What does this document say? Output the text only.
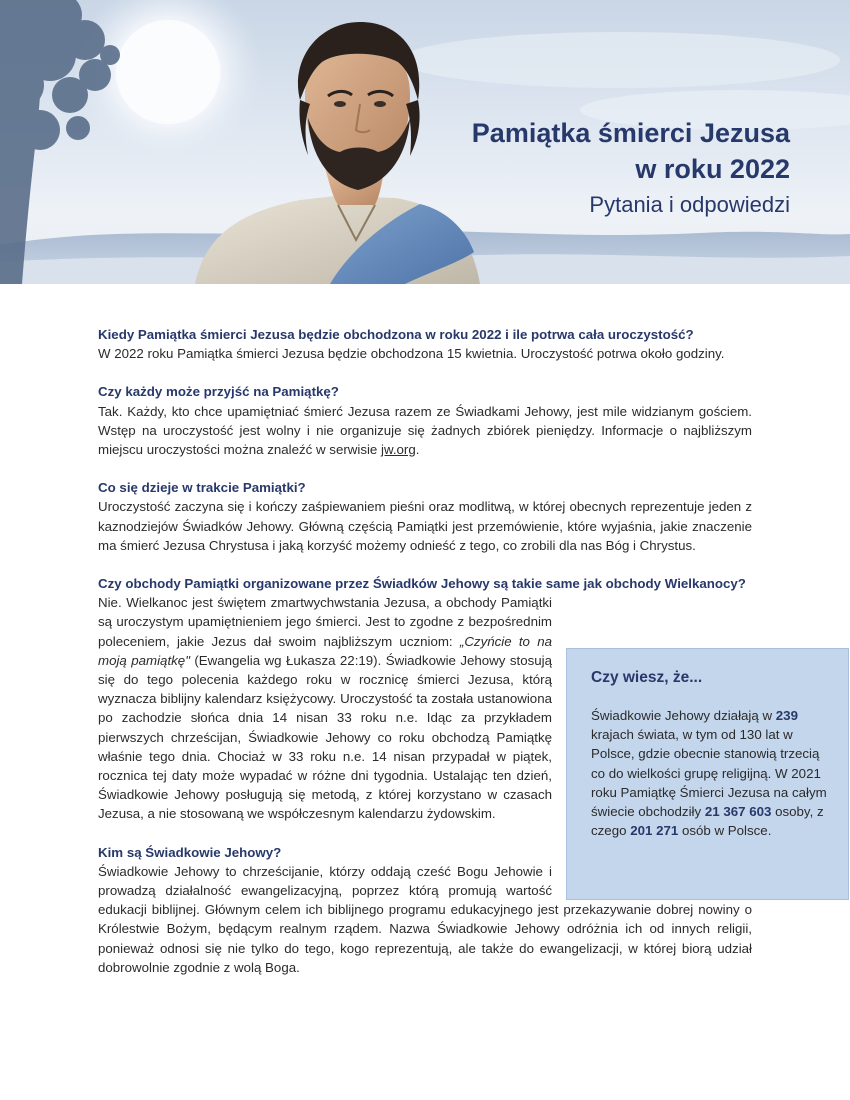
Pamiątka śmierci Jezusa
w roku 2022
Pytania i odpowiedzi

Kiedy Pamiątka śmierci Jezusa będzie obchodzona w roku 2022 i ile potrwa cała uroczystość?

W 2022 roku Pamiątka śmierci Jezusa będzie obchodzona 15 kwietnia. Uroczystość potrwa około godziny.

Czy każdy może przyjść na Pamiątkę?

Tak. Każdy, kto chce upamiętniać śmierć Jezusa razem ze Świadkami Jehowy, jest mile widzianym gościem. Wstęp na uroczystość jest wolny i nie organizuje się żadnych zbiórek pieniędzy. Informacje o najbliższym miejscu uroczystości można znaleźć w serwisie jw.org.

Co się dzieje w trakcie Pamiątki?

Uroczystość zaczyna się i kończy zaśpiewaniem pieśni oraz modlitwą, w której obecnych reprezentuje jeden z kaznodziejów Świadków Jehowy. Główną częścią Pamiątki jest przemówienie, które wyjaśnia, jakie znaczenie ma śmierć Jezusa Chrystusa i jaką korzyść możemy odnieść z tego, co zrobili dla nas Bóg i Chrystus.

Czy obchody Pamiątki organizowane przez Świadków Jehowy są takie same jak obchody Wielkanocy?

Nie. Wielkanoc jest świętem zmartwychwstania Jezusa, a obchody Pamiątki są uroczystym upamiętnieniem jego śmierci. Jest to zgodne z bezpośrednim poleceniem, jakie Jezus dał swoim najbliższym uczniom: „Czyńcie to na moją pamiątkę" (Ewangelia wg Łukasza 22:19). Świadkowie Jehowy stosują się do tego polecenia każdego roku w rocznicę śmierci Jezusa, którą wyznacza biblijny kalendarz księżycowy. Uroczystość ta została ustanowiona po zachodzie słońca dnia 14 nisan 33 roku n.e. Idąc za przykładem pierwszych chrześcijan, Świadkowie Jehowy co roku obchodzą Pamiątkę właśnie tego dnia. Chociaż w 33 roku n.e. 14 nisan przypadał w piątek, rocznica tej daty może wypadać w różne dni tygodnia. Ustalając ten dzień, Świadkowie Jehowy posługują się metodą, z której korzystano w czasach Jezusa, a nie stosowaną we współczesnym kalendarzu żydowskim.

Kim są Świadkowie Jehowy?

Świadkowie Jehowy to chrześcijanie, którzy oddają cześć Bogu Jehowie i prowadzą działalność ewangelizacyjną, poprzez którą promują wartość edukacji biblijnej. Głównym celem ich biblijnego programu edukacyjnego jest przekazywanie dobrej nowiny o Królestwie Bożym, będącym realnym rządem. Nazwa Świadkowie Jehowy odróżnia ich od innych religii, ponieważ odnosi się nie tylko do tego, kogo reprezentują, ale także do ewangelizacji, w której biorą udział dobrowolnie zgodnie z wolą Boga.

Czy wiesz, że...
Świadkowie Jehowy działają w 239 krajach świata, w tym od 130 lat w Polsce, gdzie obecnie stanowią trzecią co do wielkości grupę religijną. W 2021 roku Pamiątkę Śmierci Jezusa na całym świecie obchodziły 21 367 603 osoby, z czego 201 271 osób w Polsce.
